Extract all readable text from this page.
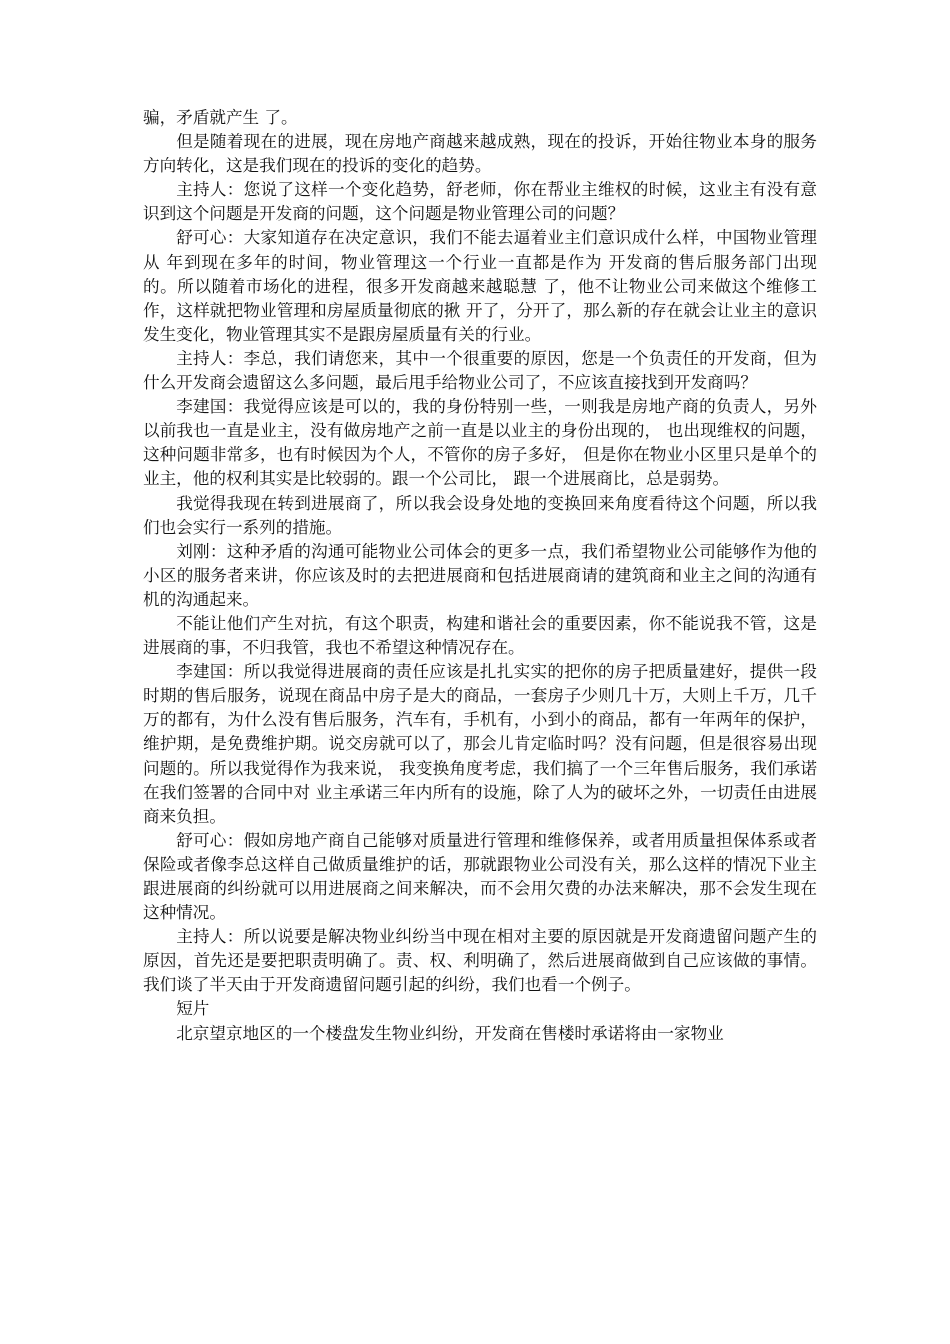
骗，矛盾就产生 了。

但是随着现在的进展，现在房地产商越来越成熟，现在的投诉，开始往物业本身的服务方向转化，这是我们现在的投诉的变化的趋势。

主持人：您说了这样一个变化趋势，舒老师，你在帮业主维权的时候，这业主有没有意识到这个问题是开发商的问题，这个问题是物业管理公司的问题？

舒可心：大家知道存在决定意识，我们不能去逼着业主们意识成什么样，中国物业管理从 年到现在多年的时间，物业管理这一个行业一直都是作为 开发商的售后服务部门出现的。所以随着市场化的进程，很多开发商越来越聪慧 了，他不让物业公司来做这个维修工作，这样就把物业管理和房屋质量彻底的揪 开了，分开了，那么新的存在就会让业主的意识发生变化，物业管理其实不是跟房屋质量有关的行业。

主持人：李总，我们请您来，其中一个很重要的原因，您是一个负责任的开发商，但为什么开发商会遗留这么多问题，最后甩手给物业公司了，不应该直接找到开发商吗？

李建国：我觉得应该是可以的，我的身份特别一些，一则我是房地产商的负责人，另外以前我也一直是业主，没有做房地产之前一直是以业主的身份出现的， 也出现维权的问题，这种问题非常多，也有时候因为个人，不管你的房子多好， 但是你在物业小区里只是单个的业主，他的权利其实是比较弱的。跟一个公司比， 跟一个进展商比，总是弱势。

我觉得我现在转到进展商了，所以我会设身处地的变换回来角度看待这个问题，所以我们也会实行一系列的措施。

刘刚：这种矛盾的沟通可能物业公司体会的更多一点，我们希望物业公司能够作为他的小区的服务者来讲，你应该及时的去把进展商和包括进展商请的建筑商和业主之间的沟通有机的沟通起来。

不能让他们产生对抗，有这个职责，构建和谐社会的重要因素，你不能说我不管，这是进展商的事，不归我管，我也不希望这种情况存在。

李建国：所以我觉得进展商的责任应该是扎扎实实的把你的房子把质量建好，提供一段时期的售后服务，说现在商品中房子是大的商品，一套房子少则几十万，大则上千万，几千万的都有，为什么没有售后服务，汽车有，手机有，小到小的商品，都有一年两年的保护，维护期，是免费维护期。说交房就可以了，那会儿肯定临时吗？没有问题，但是很容易出现问题的。所以我觉得作为我来说， 我变换角度考虑，我们搞了一个三年售后服务，我们承诺在我们签署的合同中对 业主承诺三年内所有的设施，除了人为的破坏之外，一切责任由进展商来负担。

舒可心：假如房地产商自己能够对质量进行管理和维修保养，或者用质量担保体系或者保险或者像李总这样自己做质量维护的话，那就跟物业公司没有关，那么这样的情况下业主跟进展商的纠纷就可以用进展商之间来解决，而不会用欠费的办法来解决，那不会发生现在这种情况。

主持人：所以说要是解决物业纠纷当中现在相对主要的原因就是开发商遗留问题产生的原因，首先还是要把职责明确了。责、权、利明确了，然后进展商做到自己应该做的事情。我们谈了半天由于开发商遗留问题引起的纠纷，我们也看一个例子。

短片

北京望京地区的一个楼盘发生物业纠纷，开发商在售楼时承诺将由一家物业
